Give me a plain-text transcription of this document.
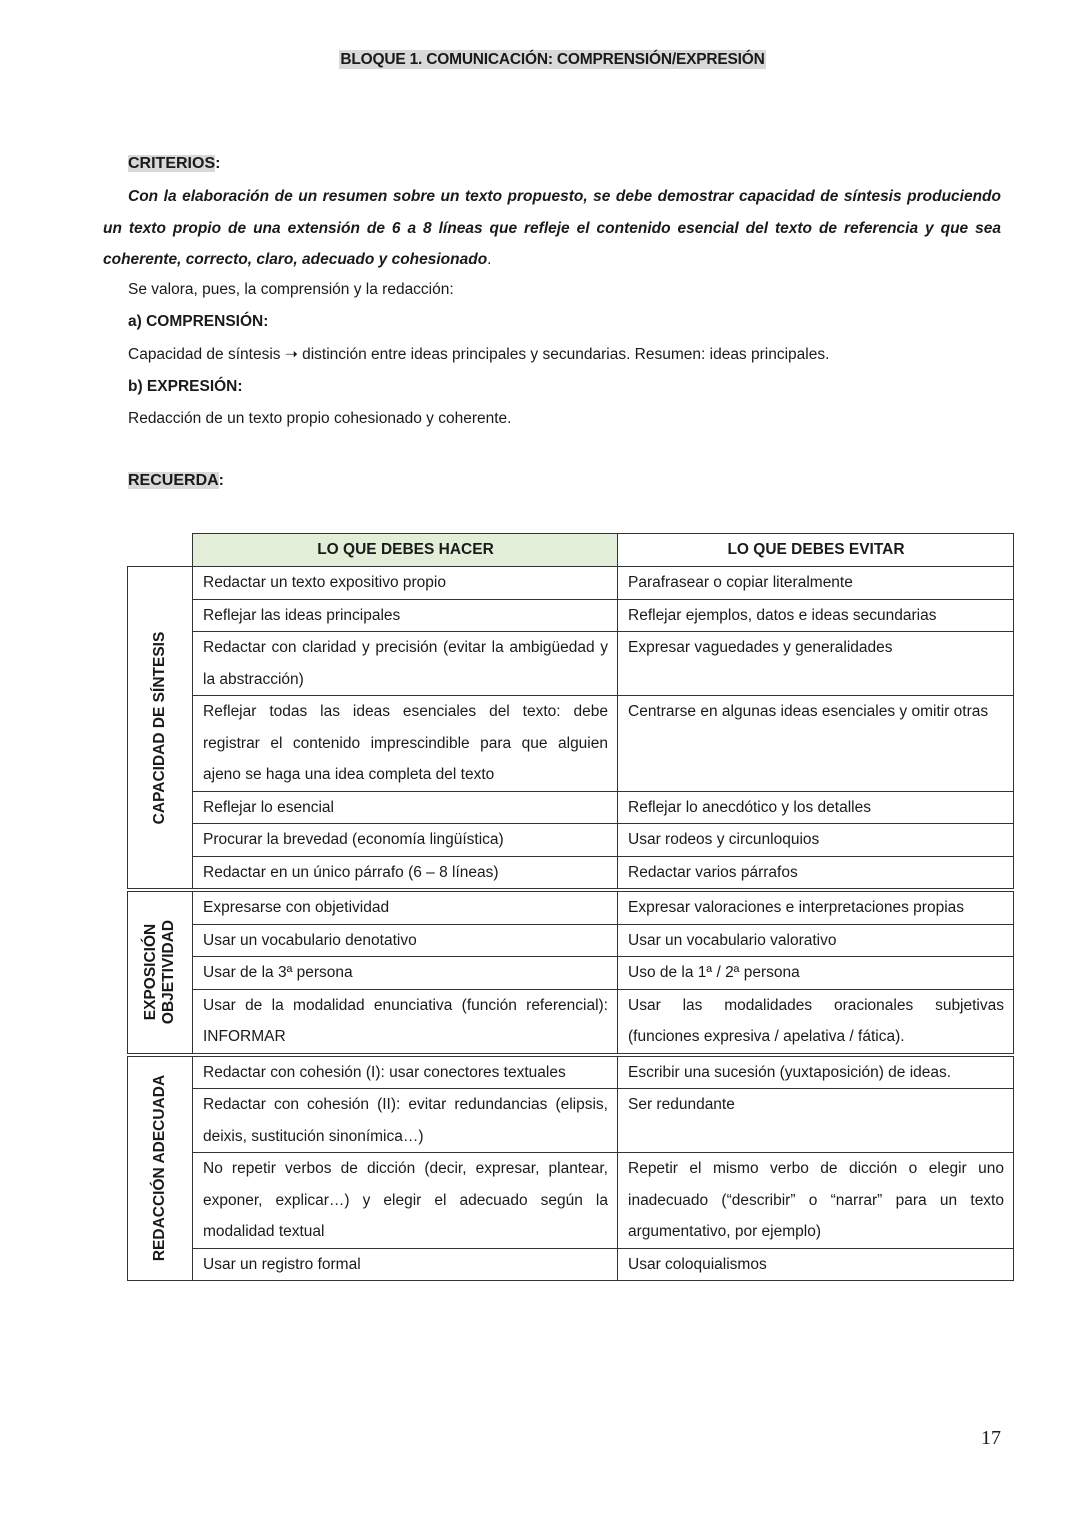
BLOQUE 1. COMUNICACIÓN: COMPRENSIÓN/EXPRESIÓN
CRITERIOS:
Con la elaboración de un resumen sobre un texto propuesto, se debe demostrar capacidad de síntesis produciendo un texto propio de una extensión de 6 a 8 líneas que refleje el contenido esencial del texto de referencia y que sea coherente, correcto, claro, adecuado y cohesionado.
Se valora, pues, la comprensión y la redacción:
a) COMPRENSIÓN:
Capacidad de síntesis ➝ distinción entre ideas principales y secundarias. Resumen: ideas principales.
b) EXPRESIÓN:
Redacción de un texto propio cohesionado y coherente.
RECUERDA:
	LO QUE DEBES HACER	LO QUE DEBES EVITAR

CAPACIDAD DE SÍNTESIS	Redactar un texto expositivo propio	Parafrasear o copiar literalmente
	Reflejar las ideas principales	Reflejar ejemplos, datos e ideas secundarias
	Redactar con claridad y precisión (evitar la ambigüedad y la abstracción)	Expresar vaguedades y generalidades
	Reflejar todas las ideas esenciales del texto: debe registrar el contenido imprescindible para que alguien ajeno se haga una idea completa del texto	Centrarse en algunas ideas esenciales y omitir otras
	Reflejar lo esencial	Reflejar lo anecdótico y los detalles
	Procurar la brevedad (economía lingüística)	Usar rodeos y circunloquios
	Redactar en un único párrafo (6 – 8 líneas)	Redactar varios párrafos

EXPOSICIÓN OBJETIVIDAD	Expresarse con objetividad	Expresar valoraciones e interpretaciones propias
	Usar un vocabulario denotativo	Usar un vocabulario valorativo
	Usar de la 3ª persona	Uso de la 1ª / 2ª persona
	Usar de la modalidad enunciativa (función referencial): INFORMAR	Usar las modalidades oracionales subjetivas (funciones expresiva / apelativa / fática).

REDACCIÓN ADECUADA	Redactar con cohesión (I): usar conectores textuales	Escribir una sucesión (yuxtaposición) de ideas.
	Redactar con cohesión (II): evitar redundancias (elipsis, deixis, sustitución sinonímica…)	Ser redundante
	No repetir verbos de dicción (decir, expresar, plantear, exponer, explicar…) y elegir el adecuado según la modalidad textual	Repetir el mismo verbo de dicción o elegir uno inadecuado (“describir” o “narrar” para un texto argumentativo, por ejemplo)
	Usar un registro formal	Usar coloquialismos
17
